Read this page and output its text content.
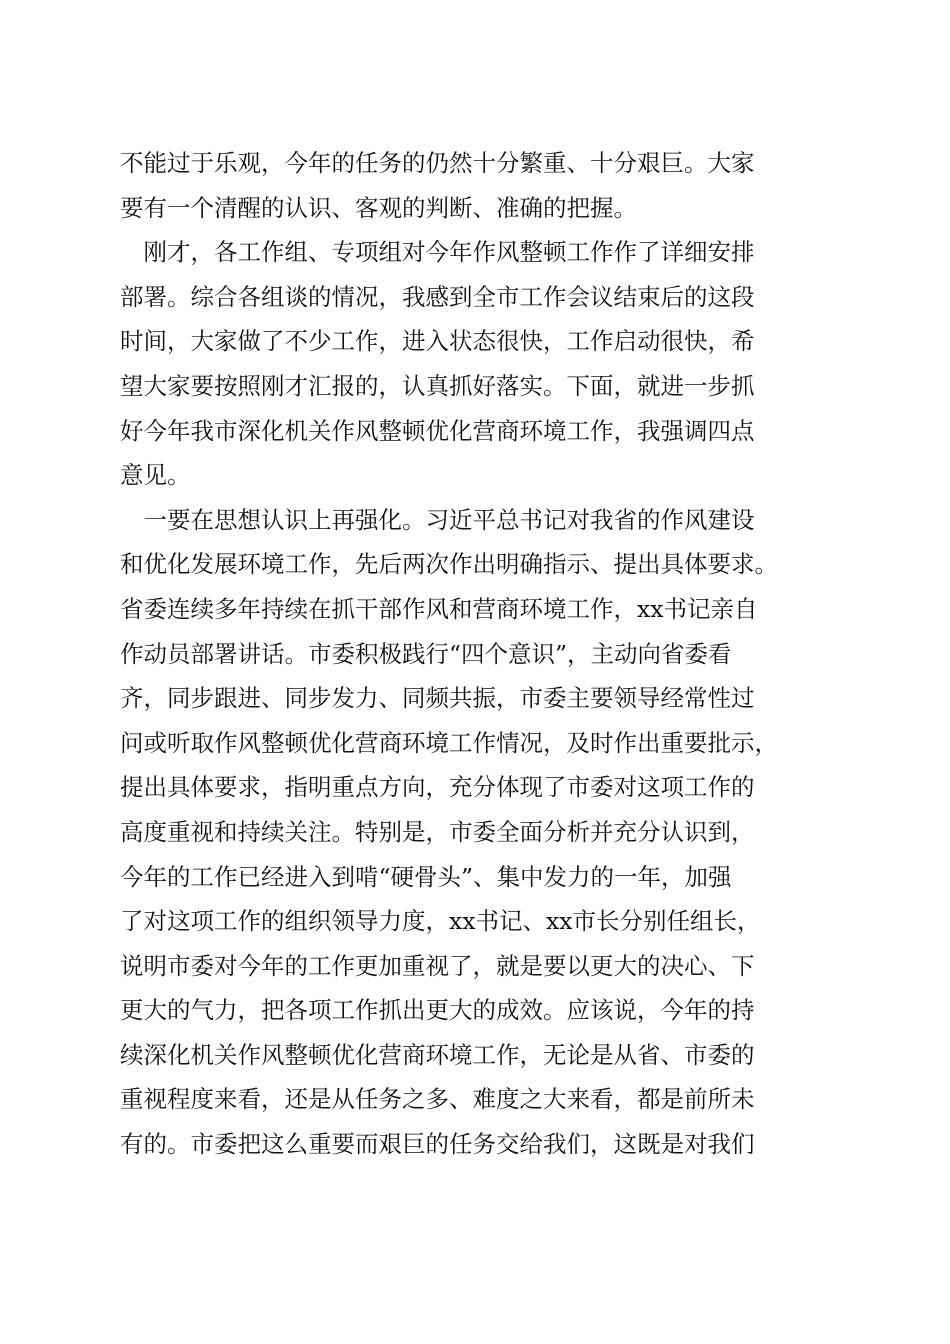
不能过于乐观，今年的任务的仍然十分繁重、十分艰巨。大家
要有一个清醒的认识、客观的判断、准确的把握。
　刚才，各工作组、专项组对今年作风整顿工作作了详细安排
部署。综合各组谈的情况，我感到全市工作会议结束后的这段
时间，大家做了不少工作，进入状态很快，工作启动很快，希
望大家要按照刚才汇报的，认真抓好落实。下面，就进一步抓
好今年我市深化机关作风整顿优化营商环境工作，我强调四点
意见。
　一要在思想认识上再强化。习近平总书记对我省的作风建设
和优化发展环境工作，先后两次作出明确指示、提出具体要求。
省委连续多年持续在抓干部作风和营商环境工作，xx书记亲自
作动员部署讲话。市委积极践行“四个意识”，主动向省委看
齐，同步跟进、同步发力、同频共振，市委主要领导经常性过
问或听取作风整顿优化营商环境工作情况，及时作出重要批示，
提出具体要求，指明重点方向，充分体现了市委对这项工作的
高度重视和持续关注。特别是，市委全面分析并充分认识到，
今年的工作已经进入到啃“硬骨头”、集中发力的一年，加强
了对这项工作的组织领导力度，xx书记、xx市长分别任组长，
说明市委对今年的工作更加重视了，就是要以更大的决心、下
更大的气力，把各项工作抓出更大的成效。应该说，今年的持
续深化机关作风整顿优化营商环境工作，无论是从省、市委的
重视程度来看，还是从任务之多、难度之大来看，都是前所未
有的。市委把这么重要而艰巨的任务交给我们，这既是对我们
